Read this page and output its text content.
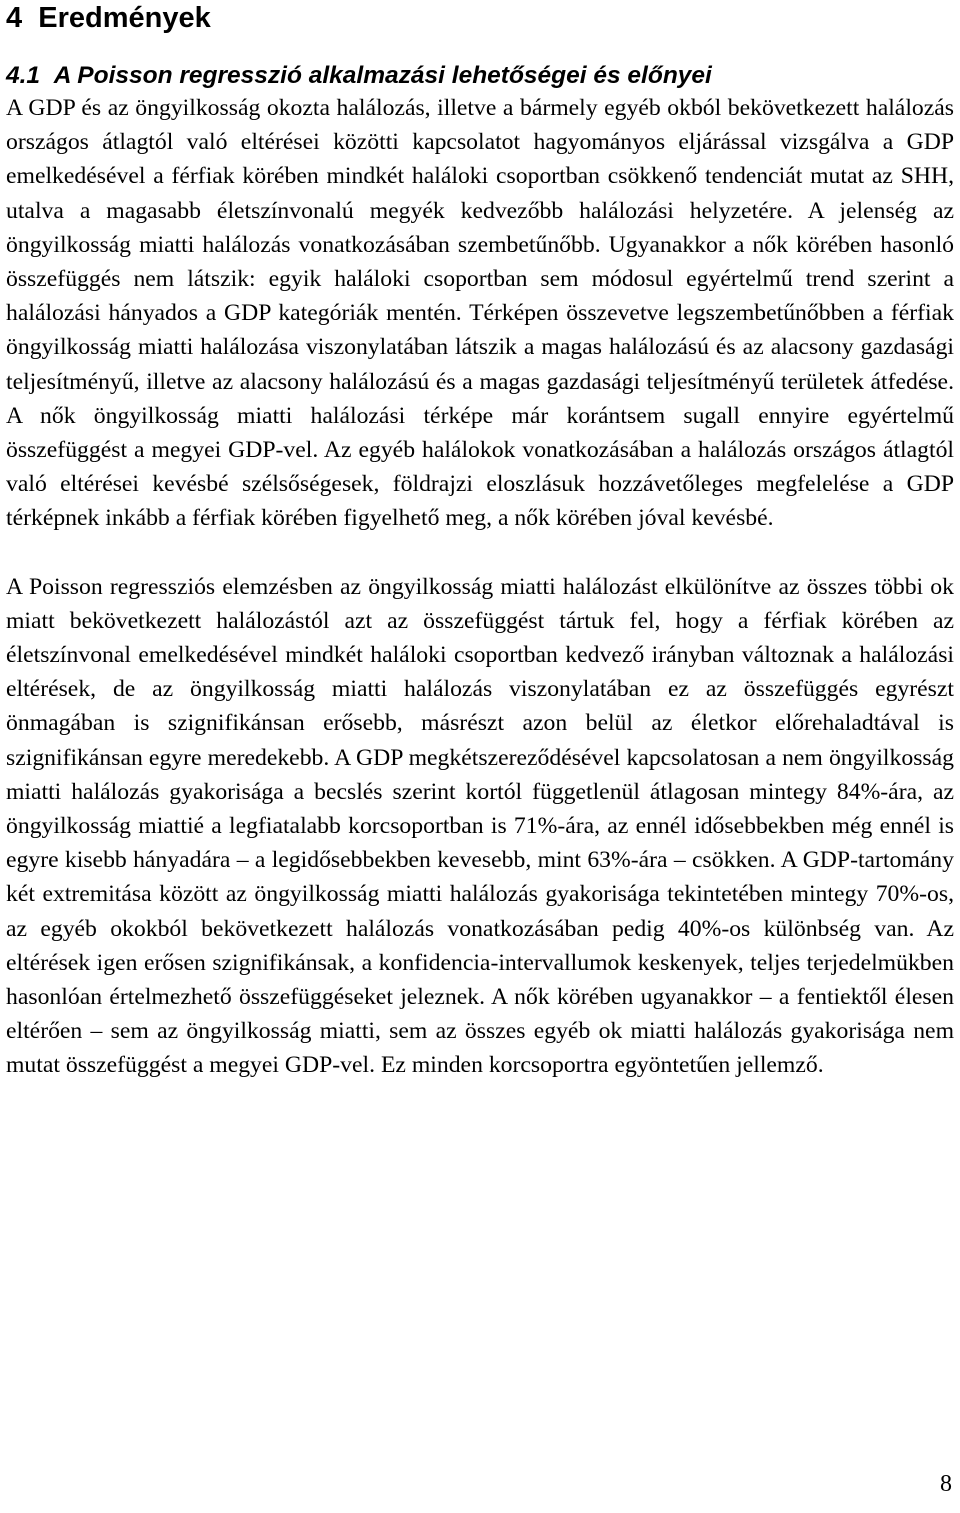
4 Eredmények
4.1 A Poisson regresszió alkalmazási lehetőségei és előnyei

A GDP és az öngyilkosság okozta halálozás, illetve a bármely egyéb okból bekövetkezett halálozás országos átlagtól való eltérései közötti kapcsolatot hagyományos eljárással vizsgálva a GDP emelkedésével a férfiak körében mindkét haláloki csoportban csökkenő tendenciát mutat az SHH, utalva a magasabb életszínvonalú megyék kedvezőbb halálozási helyzetére. A jelenség az öngyilkosság miatti halálozás vonatkozásában szembetűnőbb. Ugyanakkor a nők körében hasonló összefüggés nem látszik: egyik haláloki csoportban sem módosul egyértelmű trend szerint a halálozási hányados a GDP kategóriák mentén. Térképen összevetve legszembetűnőbben a férfiak öngyilkosság miatti halálozása viszonylatában látszik a magas halálozású és az alacsony gazdasági teljesítményű, illetve az alacsony halálozású és a magas gazdasági teljesítményű területek átfedése. A nők öngyilkosság miatti halálozási térképe már korántsem sugall ennyire egyértelmű összefüggést a megyei GDP-vel. Az egyéb halálokok vonatkozásában a halálozás országos átlagtól való eltérései kevésbé szélsőségesek, földrajzi eloszlásuk hozzávetőleges megfelelése a GDP térképnek inkább a férfiak körében figyelhető meg, a nők körében jóval kevésbé.

A Poisson regressziós elemzésben az öngyilkosság miatti halálozást elkülönítve az összes többi ok miatt bekövetkezett halálozástól azt az összefüggést tártuk fel, hogy a férfiak körében az életszínvonal emelkedésével mindkét haláloki csoportban kedvező irányban változnak a halálozási eltérések, de az öngyilkosság miatti halálozás viszonylatában ez az összefüggés egyrészt önmagában is szignifikánsan erősebb, másrészt azon belül az életkor előrehaladtával is szignifikánsan egyre meredekebb. A GDP megkétszereződésével kapcsolatosan a nem öngyilkosság miatti halálozás gyakorisága a becslés szerint kortól függetlenül átlagosan mintegy 84%-ára, az öngyilkosság miattié a legfiatalabb korcsoportban is 71%-ára, az ennél idősebbekben még ennél is egyre kisebb hányadára – a legidősebbekben kevesebb, mint 63%-ára – csökken. A GDP-tartomány két extremitása között az öngyilkosság miatti halálozás gyakorisága tekintetében mintegy 70%-os, az egyéb okokból bekövetkezett halálozás vonatkozásában pedig 40%-os különbség van. Az eltérések igen erősen szignifikánsak, a konfidencia-intervallumok keskenyek, teljes terjedelmükben hasonlóan értelmezhető összefüggéseket jeleznek. A nők körében ugyanakkor – a fentiektől élesen eltérően – sem az öngyilkosság miatti, sem az összes egyéb ok miatti halálozás gyakorisága nem mutat összefüggést a megyei GDP-vel. Ez minden korcsoportra egyöntetűen jellemző.

8
